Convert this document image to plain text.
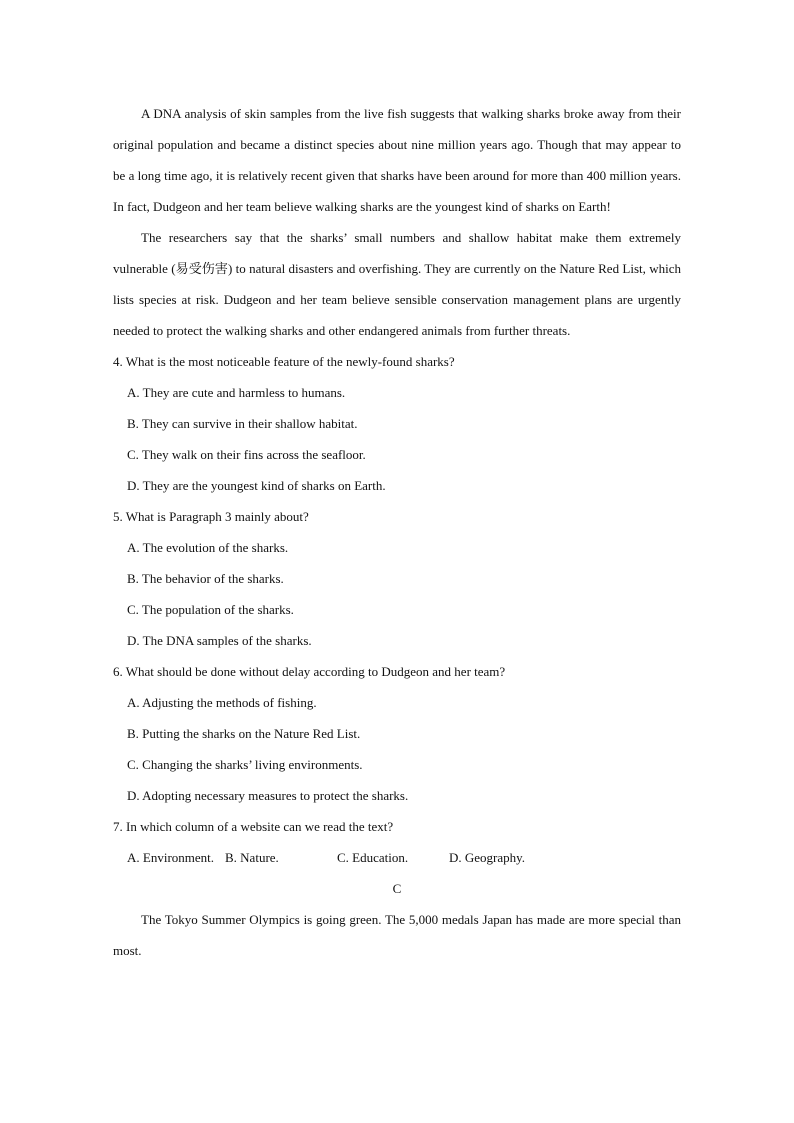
A DNA analysis of skin samples from the live fish suggests that walking sharks broke away from their original population and became a distinct species about nine million years ago. Though that may appear to be a long time ago, it is relatively recent given that sharks have been around for more than 400 million years. In fact, Dudgeon and her team believe walking sharks are the youngest kind of sharks on Earth!

The researchers say that the sharks’ small numbers and shallow habitat make them extremely vulnerable (易受伤害) to natural disasters and overfishing. They are currently on the Nature Red List, which lists species at risk. Dudgeon and her team believe sensible conservation management plans are urgently needed to protect the walking sharks and other endangered animals from further threats.

4. What is the most noticeable feature of the newly-found sharks?

A. They are cute and harmless to humans.

B. They can survive in their shallow habitat.

C. They walk on their fins across the seafloor.

D. They are the youngest kind of sharks on Earth.

5. What is Paragraph 3 mainly about?

A. The evolution of the sharks.

B. The behavior of the sharks.

C. The population of the sharks.

D. The DNA samples of the sharks.

6. What should be done without delay according to Dudgeon and her team?

A. Adjusting the methods of fishing.

B. Putting the sharks on the Nature Red List.

C. Changing the sharks’ living environments.

D. Adopting necessary measures to protect the sharks.

7. In which column of a website can we read the text?

A. Environment. B. Nature.	C. Education.	D. Geography.

C

The Tokyo Summer Olympics is going green. The 5,000 medals Japan has made are more special than most.
